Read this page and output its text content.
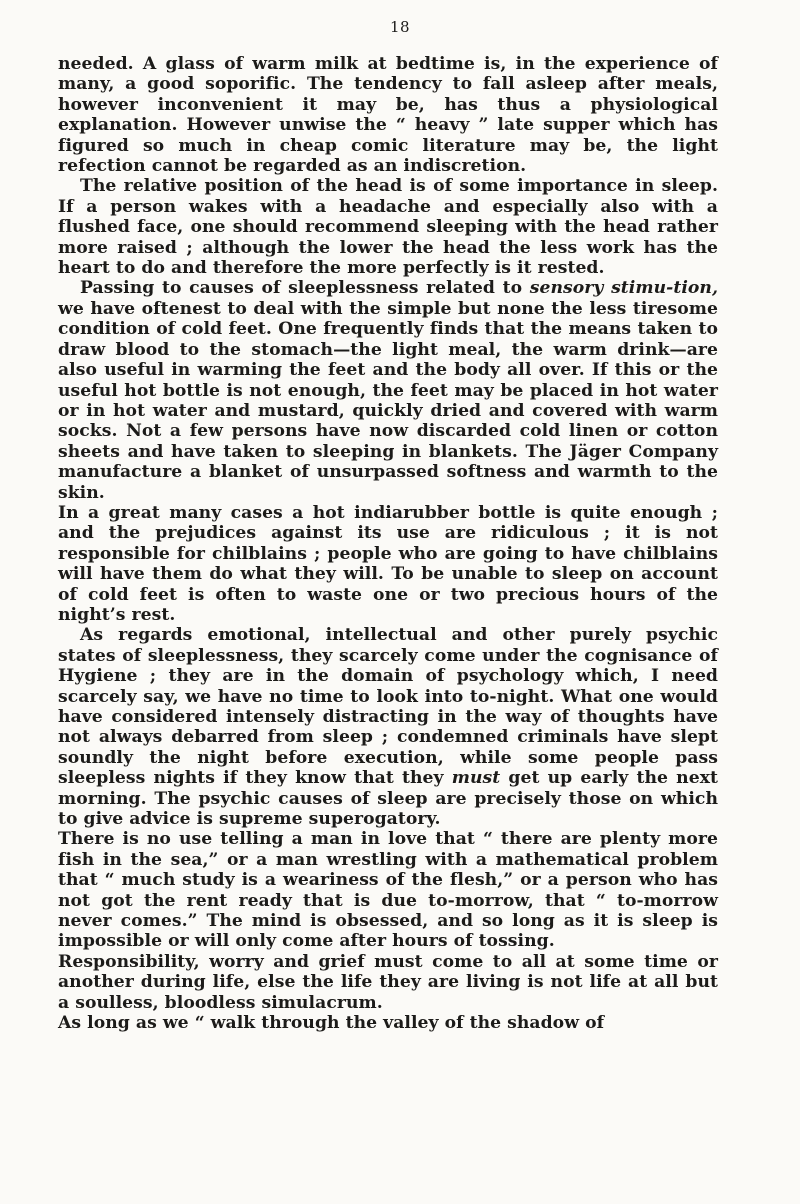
18

needed. A glass of warm milk at bedtime is, in the experience of many, a good soporific. The tendency to fall asleep after meals, however inconvenient it may be, has thus a physiological explanation. However unwise the “ heavy ” late supper which has figured so much in cheap comic literature may be, the light refection cannot be regarded as an indiscretion.

The relative position of the head is of some importance in sleep. If a person wakes with a headache and especially also with a flushed face, one should recommend sleeping with the head rather more raised ; although the lower the head the less work has the heart to do and therefore the more perfectly is it rested.

Passing to causes of sleeplessness related to sensory stimu-tion, we have oftenest to deal with the simple but none the less tiresome condition of cold feet. One frequently finds that the means taken to draw blood to the stomach—the light meal, the warm drink—are also useful in warming the feet and the body all over. If this or the useful hot bottle is not enough, the feet may be placed in hot water or in hot water and mustard, quickly dried and covered with warm socks. Not a few persons have now discarded cold linen or cotton sheets and have taken to sleeping in blankets. The Jäger Company manufacture a blanket of unsurpassed softness and warmth to the skin.

In a great many cases a hot indiarubber bottle is quite enough ; and the prejudices against its use are ridiculous ; it is not responsible for chilblains ; people who are going to have chilblains will have them do what they will. To be unable to sleep on account of cold feet is often to waste one or two precious hours of the night’s rest.

As regards emotional, intellectual and other purely psychic states of sleeplessness, they scarcely come under the cognisance of Hygiene ; they are in the domain of psychology which, I need scarcely say, we have no time to look into to-night. What one would have considered intensely distracting in the way of thoughts have not always debarred from sleep ; condemned criminals have slept soundly the night before execution, while some people pass sleepless nights if they know that they must get up early the next morning. The psychic causes of sleep are precisely those on which to give advice is supreme superogatory.

There is no use telling a man in love that “ there are plenty more fish in the sea,” or a man wrestling with a mathematical problem that “ much study is a weariness of the flesh,” or a person who has not got the rent ready that is due to-morrow, that “ to-morrow never comes.” The mind is obsessed, and so long as it is sleep is impossible or will only come after hours of tossing.

Responsibility, worry and grief must come to all at some time or another during life, else the life they are living is not life at all but a soulless, bloodless simulacrum.

As long as we “ walk through the valley of the shadow of
